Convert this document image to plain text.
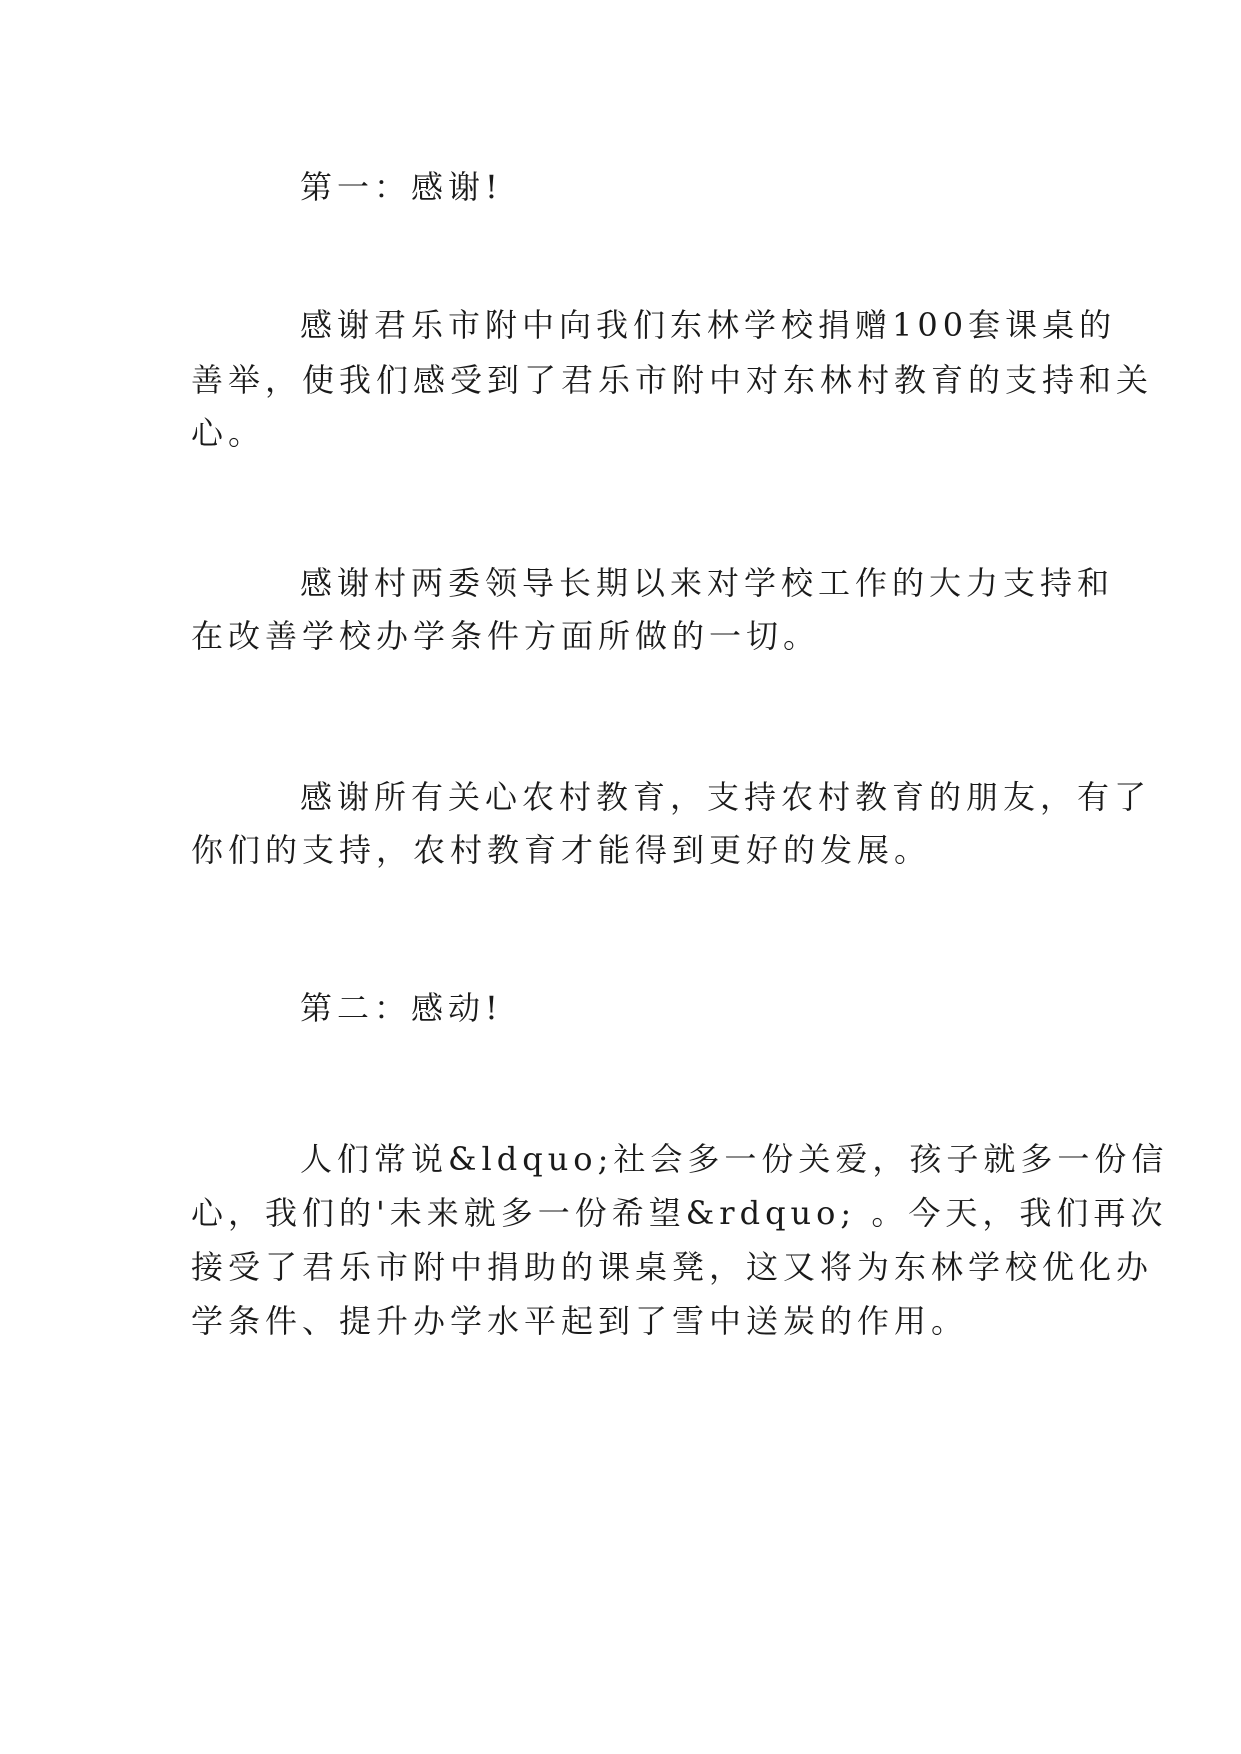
第一：感谢!
感谢君乐市附中向我们东林学校捐赠100套课桌的
善举，使我们感受到了君乐市附中对东林村教育的支持和关
心。
感谢村两委领导长期以来对学校工作的大力支持和
在改善学校办学条件方面所做的一切。
感谢所有关心农村教育，支持农村教育的朋友，有了
你们的支持，农村教育才能得到更好的发展。
第二：感动!
人们常说&ldquo;社会多一份关爱，孩子就多一份信
心，我们的'未来就多一份希望&rdquo; 。今天，我们再次
接受了君乐市附中捐助的课桌凳，这又将为东林学校优化办
学条件、提升办学水平起到了雪中送炭的作用。
